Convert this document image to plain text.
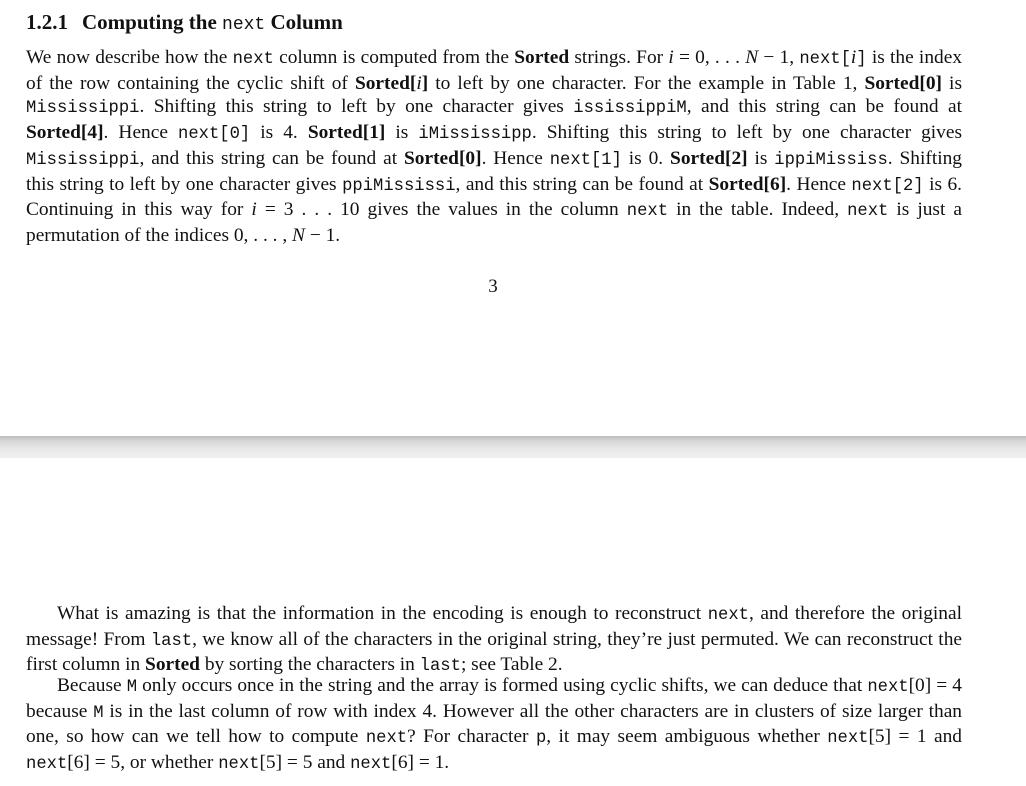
1.2.1 Computing the next Column

We now describe how the next column is computed from the Sorted strings. For i = 0, . . . N − 1, next[i] is the index of the row containing the cyclic shift of Sorted[i] to left by one character. For the example in Table 1, Sorted[0] is Mississippi. Shifting this string to left by one character gives ississippiM, and this string can be found at Sorted[4]. Hence next[0] is 4. Sorted[1] is iMississipp. Shifting this string to left by one character gives Mississippi, and this string can be found at Sorted[0]. Hence next[1] is 0. Sorted[2] is ippiMississ. Shifting this string to left by one character gives ppiMississi, and this string can be found at Sorted[6]. Hence next[2] is 6. Continuing in this way for i = 3 . . . 10 gives the values in the column next in the table. Indeed, next is just a permutation of the indices 0, . . . , N − 1.

3

What is amazing is that the information in the encoding is enough to reconstruct next, and therefore the original message! From last, we know all of the characters in the original string, they’re just permuted. We can reconstruct the first column in Sorted by sorting the characters in last; see Table 2.

Because M only occurs once in the string and the array is formed using cyclic shifts, we can deduce that next[0] = 4 because M is in the last column of row with index 4. However all the other characters are in clusters of size larger than one, so how can we tell how to compute next? For character p, it may seem ambiguous whether next[5] = 1 and next[6] = 5, or whether next[5] = 5 and next[6] = 1.
